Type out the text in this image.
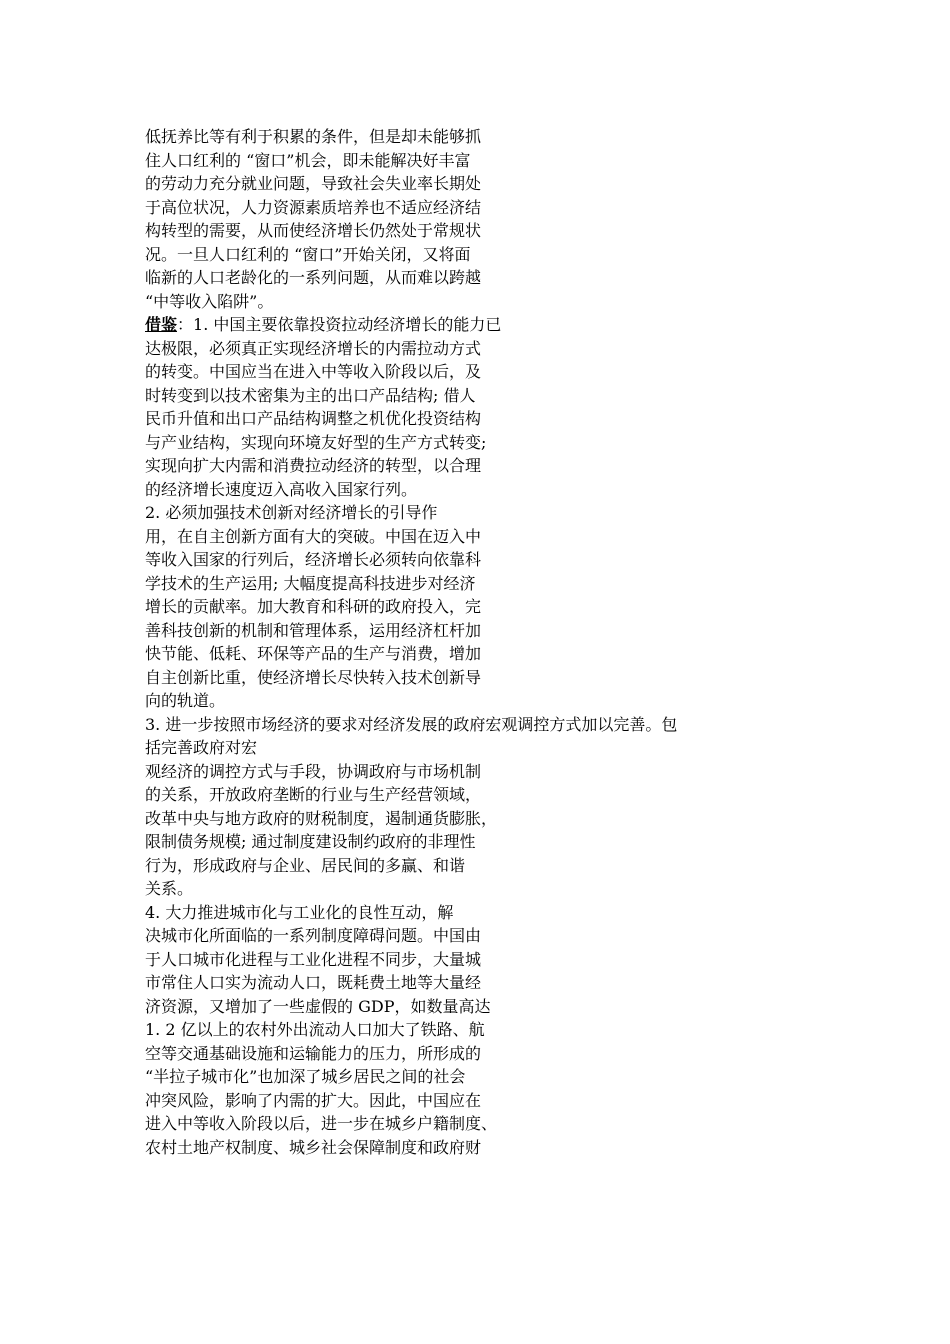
低抚养比等有利于积累的条件，但是却未能够抓
住人口红利的 “窗口”机会，即未能解决好丰富
的劳动力充分就业问题，导致社会失业率长期处
于高位状况，人力资源素质培养也不适应经济结
构转型的需要，从而使经济增长仍然处于常规状
况。一旦人口红利的 “窗口”开始关闭，又将面
临新的人口老龄化的一系列问题，从而难以跨越
“中等收入陷阱”。
借鉴：1. 中国主要依靠投资拉动经济增长的能力已
达极限，必须真正实现经济增长的内需拉动方式
的转变。中国应当在进入中等收入阶段以后，及
时转变到以技术密集为主的出口产品结构; 借人
民币升值和出口产品结构调整之机优化投资结构
与产业结构，实现向环境友好型的生产方式转变;
实现向扩大内需和消费拉动经济的转型，以合理
的经济增长速度迈入高收入国家行列。
2. 必须加强技术创新对经济增长的引导作
用，在自主创新方面有大的突破。中国在迈入中
等收入国家的行列后，经济增长必须转向依靠科
学技术的生产运用; 大幅度提高科技进步对经济
增长的贡献率。加大教育和科研的政府投入，完
善科技创新的机制和管理体系，运用经济杠杆加
快节能、低耗、环保等产品的生产与消费，增加
自主创新比重，使经济增长尽快转入技术创新导
向的轨道。
3. 进一步按照市场经济的要求对经济发展的政府宏观调控方式加以完善。包
括完善政府对宏
观经济的调控方式与手段，协调政府与市场机制
的关系，开放政府垄断的行业与生产经营领域，
改革中央与地方政府的财税制度，遏制通货膨胀，
限制债务规模; 通过制度建设制约政府的非理性
行为，形成政府与企业、居民间的多赢、和谐
关系。
4. 大力推进城市化与工业化的良性互动，解
决城市化所面临的一系列制度障碍问题。中国由
于人口城市化进程与工业化进程不同步，大量城
市常住人口实为流动人口，既耗费土地等大量经
济资源，又增加了一些虚假的 GDP，如数量高达
1. 2 亿以上的农村外出流动人口加大了铁路、航
空等交通基础设施和运输能力的压力，所形成的
“半拉子城市化”也加深了城乡居民之间的社会
冲突风险，影响了内需的扩大。因此，中国应在
进入中等收入阶段以后，进一步在城乡户籍制度、
农村土地产权制度、城乡社会保障制度和政府财
